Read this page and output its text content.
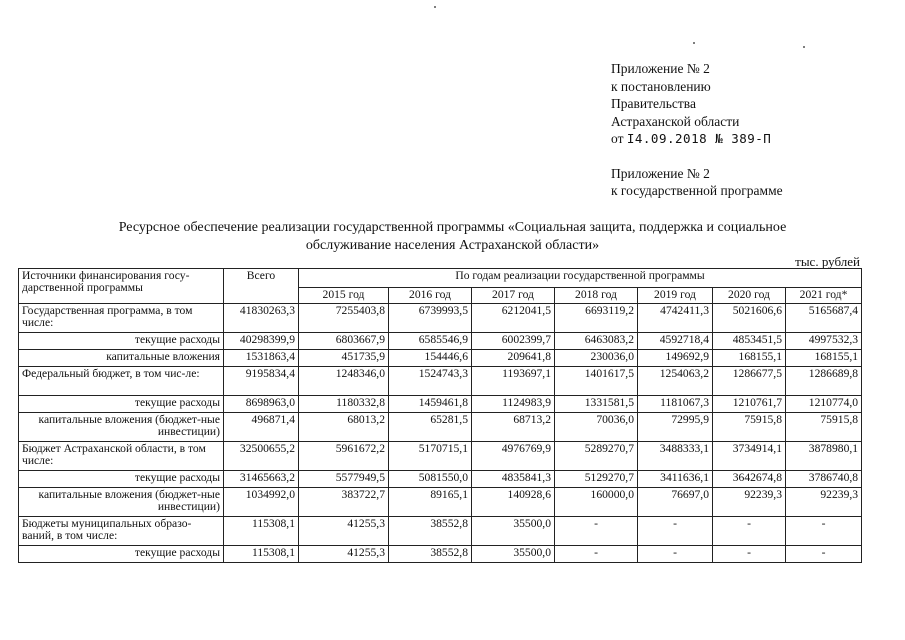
Приложение № 2
к постановлению
Правительства
Астраханской области
от I4.09.2018 № 389-П
Приложение № 2
к государственной программе
Ресурсное обеспечение реализации государственной программы «Социальная защита, поддержка и социальное
обслуживание населения Астраханской области»
тыс. рублей
Источники финансирования госу-дарственной программы	Всего	По годам реализации государственной программы						
		2015 год	2016 год	2017 год	2018 год	2019 год	2020 год	2021 год*
Государственная программа, в том числе:	41830263,3	7255403,8	6739993,5	6212041,5	6693119,2	4742411,3	5021606,6	5165687,4
текущие расходы	40298399,9	6803667,9	6585546,9	6002399,7	6463083,2	4592718,4	4853451,5	4997532,3
капитальные вложения	1531863,4	451735,9	154446,6	209641,8	230036,0	149692,9	168155,1	168155,1
Федеральный бюджет, в том чис-ле:	9195834,4	1248346,0	1524743,3	1193697,1	1401617,5	1254063,2	1286677,5	1286689,8
текущие расходы	8698963,0	1180332,8	1459461,8	1124983,9	1331581,5	1181067,3	1210761,7	1210774,0
капитальные вложения (бюджет-ные инвестиции)	496871,4	68013,2	65281,5	68713,2	70036,0	72995,9	75915,8	75915,8
Бюджет Астраханской области, в том числе:	32500655,2	5961672,2	5170715,1	4976769,9	5289270,7	3488333,1	3734914,1	3878980,1
текущие расходы	31465663,2	5577949,5	5081550,0	4835841,3	5129270,7	3411636,1	3642674,8	3786740,8
капитальные вложения (бюджет-ные инвестиции)	1034992,0	383722,7	89165,1	140928,6	160000,0	76697,0	92239,3	92239,3
Бюджеты муниципальных образо-ваний, в том числе:	115308,1	41255,3	38552,8	35500,0	-	-	-	-
текущие расходы	115308,1	41255,3	38552,8	35500,0	-	-	-	-
